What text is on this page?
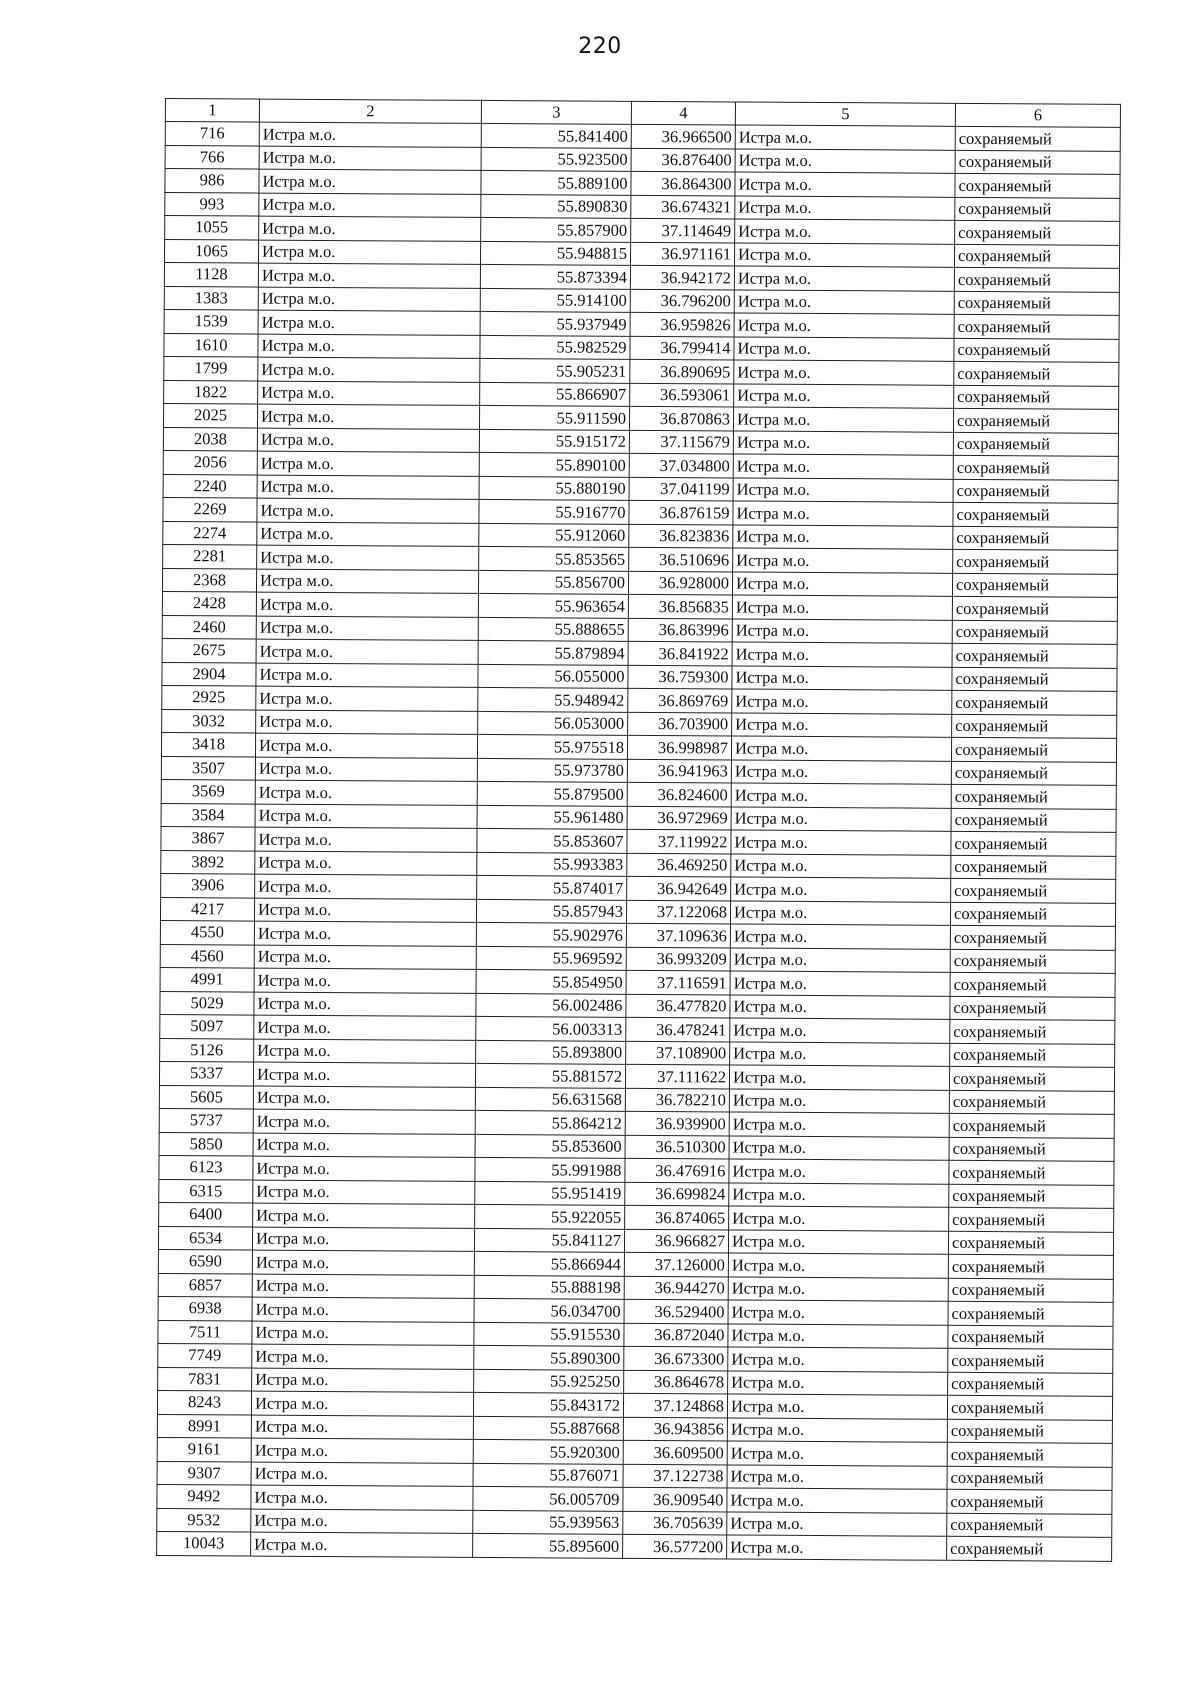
220
1	2	3	4	5	6
716	Истра м.о.	55.841400	36.966500	Истра м.о.	сохраняемый
766	Истра м.о.	55.923500	36.876400	Истра м.о.	сохраняемый
986	Истра м.о.	55.889100	36.864300	Истра м.о.	сохраняемый
993	Истра м.о.	55.890830	36.674321	Истра м.о.	сохраняемый
1055	Истра м.о.	55.857900	37.114649	Истра м.о.	сохраняемый
1065	Истра м.о.	55.948815	36.971161	Истра м.о.	сохраняемый
1128	Истра м.о.	55.873394	36.942172	Истра м.о.	сохраняемый
1383	Истра м.о.	55.914100	36.796200	Истра м.о.	сохраняемый
1539	Истра м.о.	55.937949	36.959826	Истра м.о.	сохраняемый
1610	Истра м.о.	55.982529	36.799414	Истра м.о.	сохраняемый
1799	Истра м.о.	55.905231	36.890695	Истра м.о.	сохраняемый
1822	Истра м.о.	55.866907	36.593061	Истра м.о.	сохраняемый
2025	Истра м.о.	55.911590	36.870863	Истра м.о.	сохраняемый
2038	Истра м.о.	55.915172	37.115679	Истра м.о.	сохраняемый
2056	Истра м.о.	55.890100	37.034800	Истра м.о.	сохраняемый
2240	Истра м.о.	55.880190	37.041199	Истра м.о.	сохраняемый
2269	Истра м.о.	55.916770	36.876159	Истра м.о.	сохраняемый
2274	Истра м.о.	55.912060	36.823836	Истра м.о.	сохраняемый
2281	Истра м.о.	55.853565	36.510696	Истра м.о.	сохраняемый
2368	Истра м.о.	55.856700	36.928000	Истра м.о.	сохраняемый
2428	Истра м.о.	55.963654	36.856835	Истра м.о.	сохраняемый
2460	Истра м.о.	55.888655	36.863996	Истра м.о.	сохраняемый
2675	Истра м.о.	55.879894	36.841922	Истра м.о.	сохраняемый
2904	Истра м.о.	56.055000	36.759300	Истра м.о.	сохраняемый
2925	Истра м.о.	55.948942	36.869769	Истра м.о.	сохраняемый
3032	Истра м.о.	56.053000	36.703900	Истра м.о.	сохраняемый
3418	Истра м.о.	55.975518	36.998987	Истра м.о.	сохраняемый
3507	Истра м.о.	55.973780	36.941963	Истра м.о.	сохраняемый
3569	Истра м.о.	55.879500	36.824600	Истра м.о.	сохраняемый
3584	Истра м.о.	55.961480	36.972969	Истра м.о.	сохраняемый
3867	Истра м.о.	55.853607	37.119922	Истра м.о.	сохраняемый
3892	Истра м.о.	55.993383	36.469250	Истра м.о.	сохраняемый
3906	Истра м.о.	55.874017	36.942649	Истра м.о.	сохраняемый
4217	Истра м.о.	55.857943	37.122068	Истра м.о.	сохраняемый
4550	Истра м.о.	55.902976	37.109636	Истра м.о.	сохраняемый
4560	Истра м.о.	55.969592	36.993209	Истра м.о.	сохраняемый
4991	Истра м.о.	55.854950	37.116591	Истра м.о.	сохраняемый
5029	Истра м.о.	56.002486	36.477820	Истра м.о.	сохраняемый
5097	Истра м.о.	56.003313	36.478241	Истра м.о.	сохраняемый
5126	Истра м.о.	55.893800	37.108900	Истра м.о.	сохраняемый
5337	Истра м.о.	55.881572	37.111622	Истра м.о.	сохраняемый
5605	Истра м.о.	56.631568	36.782210	Истра м.о.	сохраняемый
5737	Истра м.о.	55.864212	36.939900	Истра м.о.	сохраняемый
5850	Истра м.о.	55.853600	36.510300	Истра м.о.	сохраняемый
6123	Истра м.о.	55.991988	36.476916	Истра м.о.	сохраняемый
6315	Истра м.о.	55.951419	36.699824	Истра м.о.	сохраняемый
6400	Истра м.о.	55.922055	36.874065	Истра м.о.	сохраняемый
6534	Истра м.о.	55.841127	36.966827	Истра м.о.	сохраняемый
6590	Истра м.о.	55.866944	37.126000	Истра м.о.	сохраняемый
6857	Истра м.о.	55.888198	36.944270	Истра м.о.	сохраняемый
6938	Истра м.о.	56.034700	36.529400	Истра м.о.	сохраняемый
7511	Истра м.о.	55.915530	36.872040	Истра м.о.	сохраняемый
7749	Истра м.о.	55.890300	36.673300	Истра м.о.	сохраняемый
7831	Истра м.о.	55.925250	36.864678	Истра м.о.	сохраняемый
8243	Истра м.о.	55.843172	37.124868	Истра м.о.	сохраняемый
8991	Истра м.о.	55.887668	36.943856	Истра м.о.	сохраняемый
9161	Истра м.о.	55.920300	36.609500	Истра м.о.	сохраняемый
9307	Истра м.о.	55.876071	37.122738	Истра м.о.	сохраняемый
9492	Истра м.о.	56.005709	36.909540	Истра м.о.	сохраняемый
9532	Истра м.о.	55.939563	36.705639	Истра м.о.	сохраняемый
10043	Истра м.о.	55.895600	36.577200	Истра м.о.	сохраняемый
